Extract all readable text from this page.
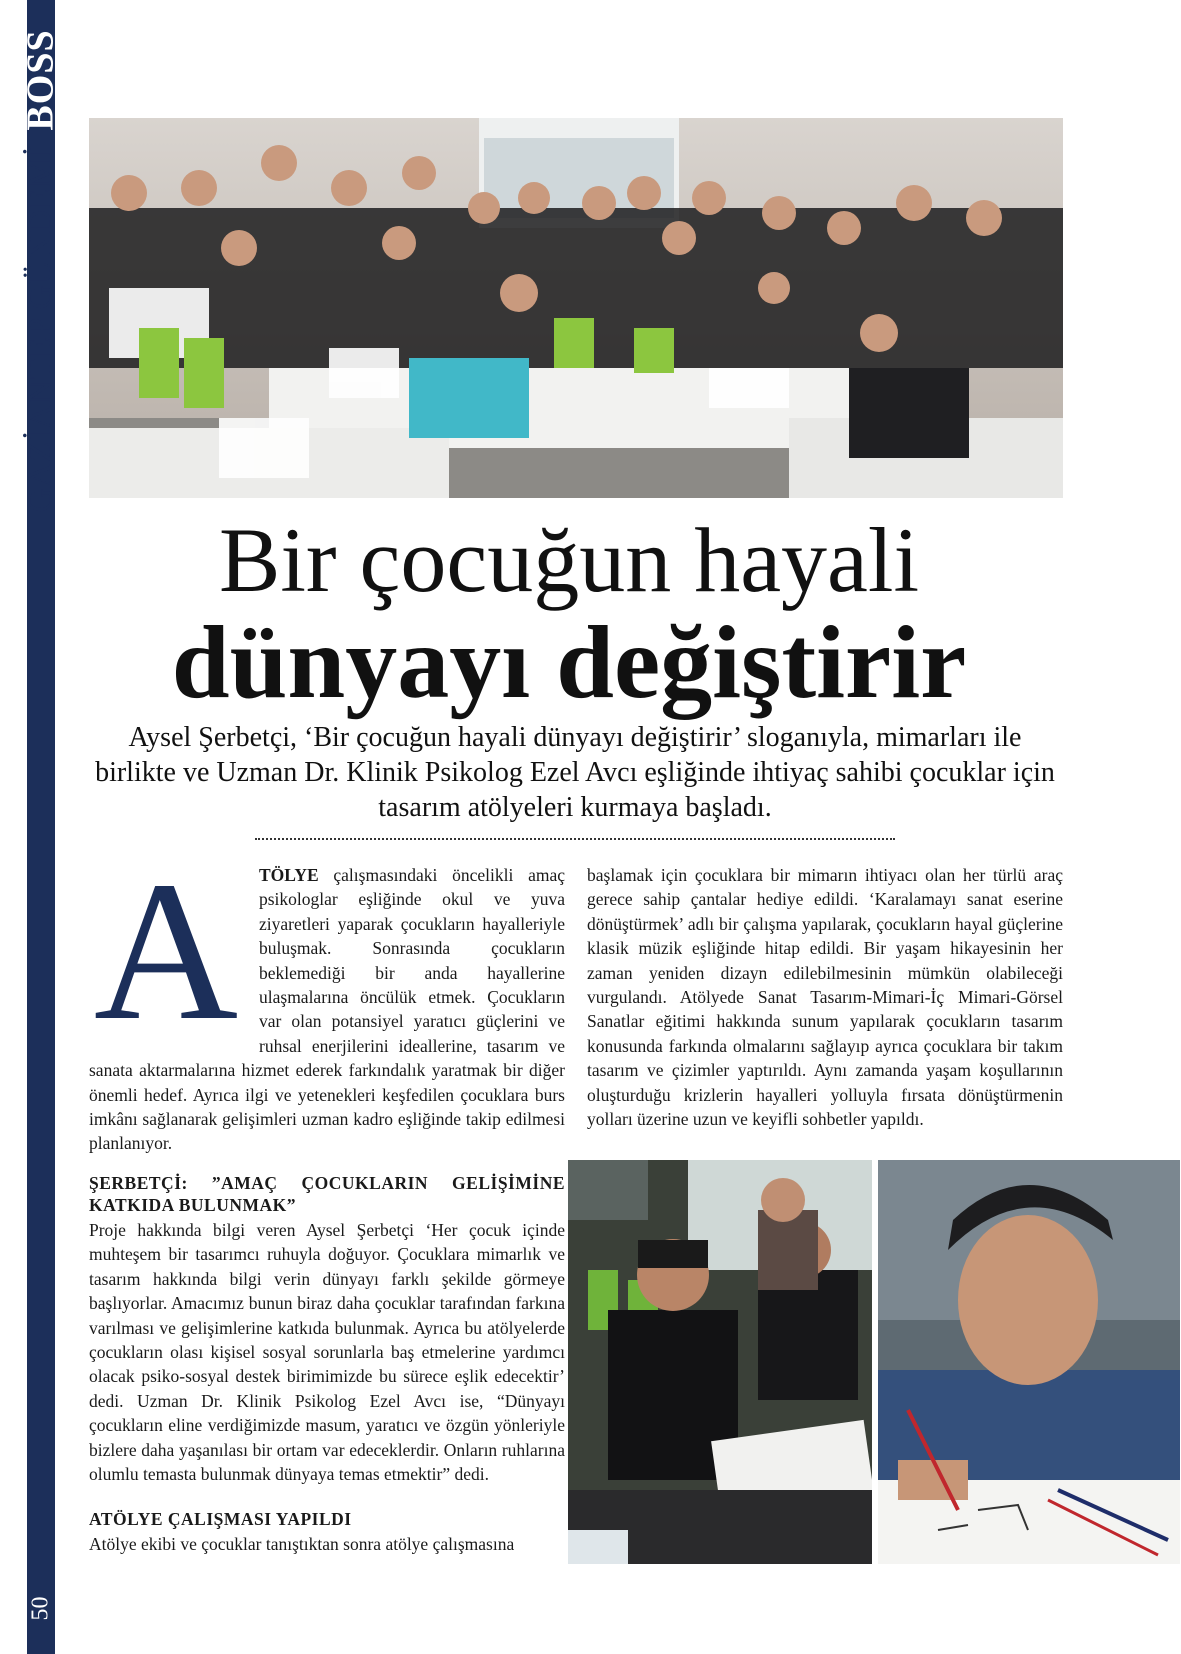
BOSS
GAZİANTEP GÜNDEMİ
50
Bir çocuğun hayali
dünyayı değiştirir
Aysel Şerbetçi, ‘Bir çocuğun hayali dünyayı değiştirir’ sloganıyla, mimarları ile birlikte ve Uzman Dr. Klinik Psikolog Ezel Avcı eşliğinde ihtiyaç sahibi çocuklar için tasarım atölyeleri kurmaya başladı.
A	TÖLYE çalışmasındaki öncelikli amaç psikologlar eşliğinde okul ve yuva ziyaretleri yaparak çocukların hayalleriyle buluşmak. Sonrasında çocukların beklemediği bir anda hayallerine ulaşmalarına öncülük etmek. Çocukların var olan potansiyel yaratıcı güçlerini ve ruhsal enerjilerini ideallerine, tasarım ve sanata aktarmalarına hizmet ederek farkındalık yaratmak bir diğer önemli hedef. Ayrıca ilgi ve yetenekleri keşfedilen çocuklara burs imkânı sağlanarak gelişimleri uzman kadro eşliğinde takip edilmesi planlanıyor.

ŞERBETÇİ: ”AMAÇ ÇOCUKLARIN GELİŞİMİNE KATKIDA BULUNMAK”

Proje hakkında bilgi veren Aysel Şerbetçi ‘Her çocuk içinde muhteşem bir tasarımcı ruhuyla doğuyor. Çocuklara mimarlık ve tasarım hakkında bilgi verin dünyayı farklı şekilde görmeye başlıyorlar. Amacımız bunun biraz daha çocuklar tarafından farkına varılması ve gelişimlerine katkıda bulunmak. Ayrıca bu atölyelerde çocukların olası kişisel sosyal sorunlarla baş etmelerine yardımcı olacak psiko-sosyal destek birimimizde bu sürece eşlik edecektir’ dedi. Uzman Dr. Klinik Psikolog Ezel Avcı ise, “Dünyayı çocukların eline verdiğimizde masum, yaratıcı ve özgün yönleriyle bizlere daha yaşanılası bir ortam var edeceklerdir. Onların ruhlarına olumlu temasta bulunmak dünyaya temas etmektir” dedi.

ATÖLYE ÇALIŞMASI YAPILDI

Atölye ekibi ve çocuklar tanıştıktan sonra atölye çalışmasına

başlamak için çocuklara bir mimarın ihtiyacı olan her türlü araç gerece sahip çantalar hediye edildi. ‘Karalamayı sanat eserine dönüştürmek’ adlı bir çalışma yapılarak, çocukların hayal güçlerine klasik müzik eşliğinde hitap edildi. Bir yaşam hikayesinin her zaman yeniden dizayn edilebilmesinin mümkün olabileceği vurgulandı. Atölyede Sanat Tasarım-Mimari-İç Mimari-Görsel Sanatlar eğitimi hakkında sunum yapılarak çocukların tasarım konusunda farkında olmalarını sağlayıp ayrıca çocuklara bir takım tasarım ve çizimler yaptırıldı. Aynı zamanda yaşam koşullarının oluşturduğu krizlerin hayalleri yolluyla fırsata dönüştürmenin yolları üzerine uzun ve keyifli sohbetler yapıldı.
